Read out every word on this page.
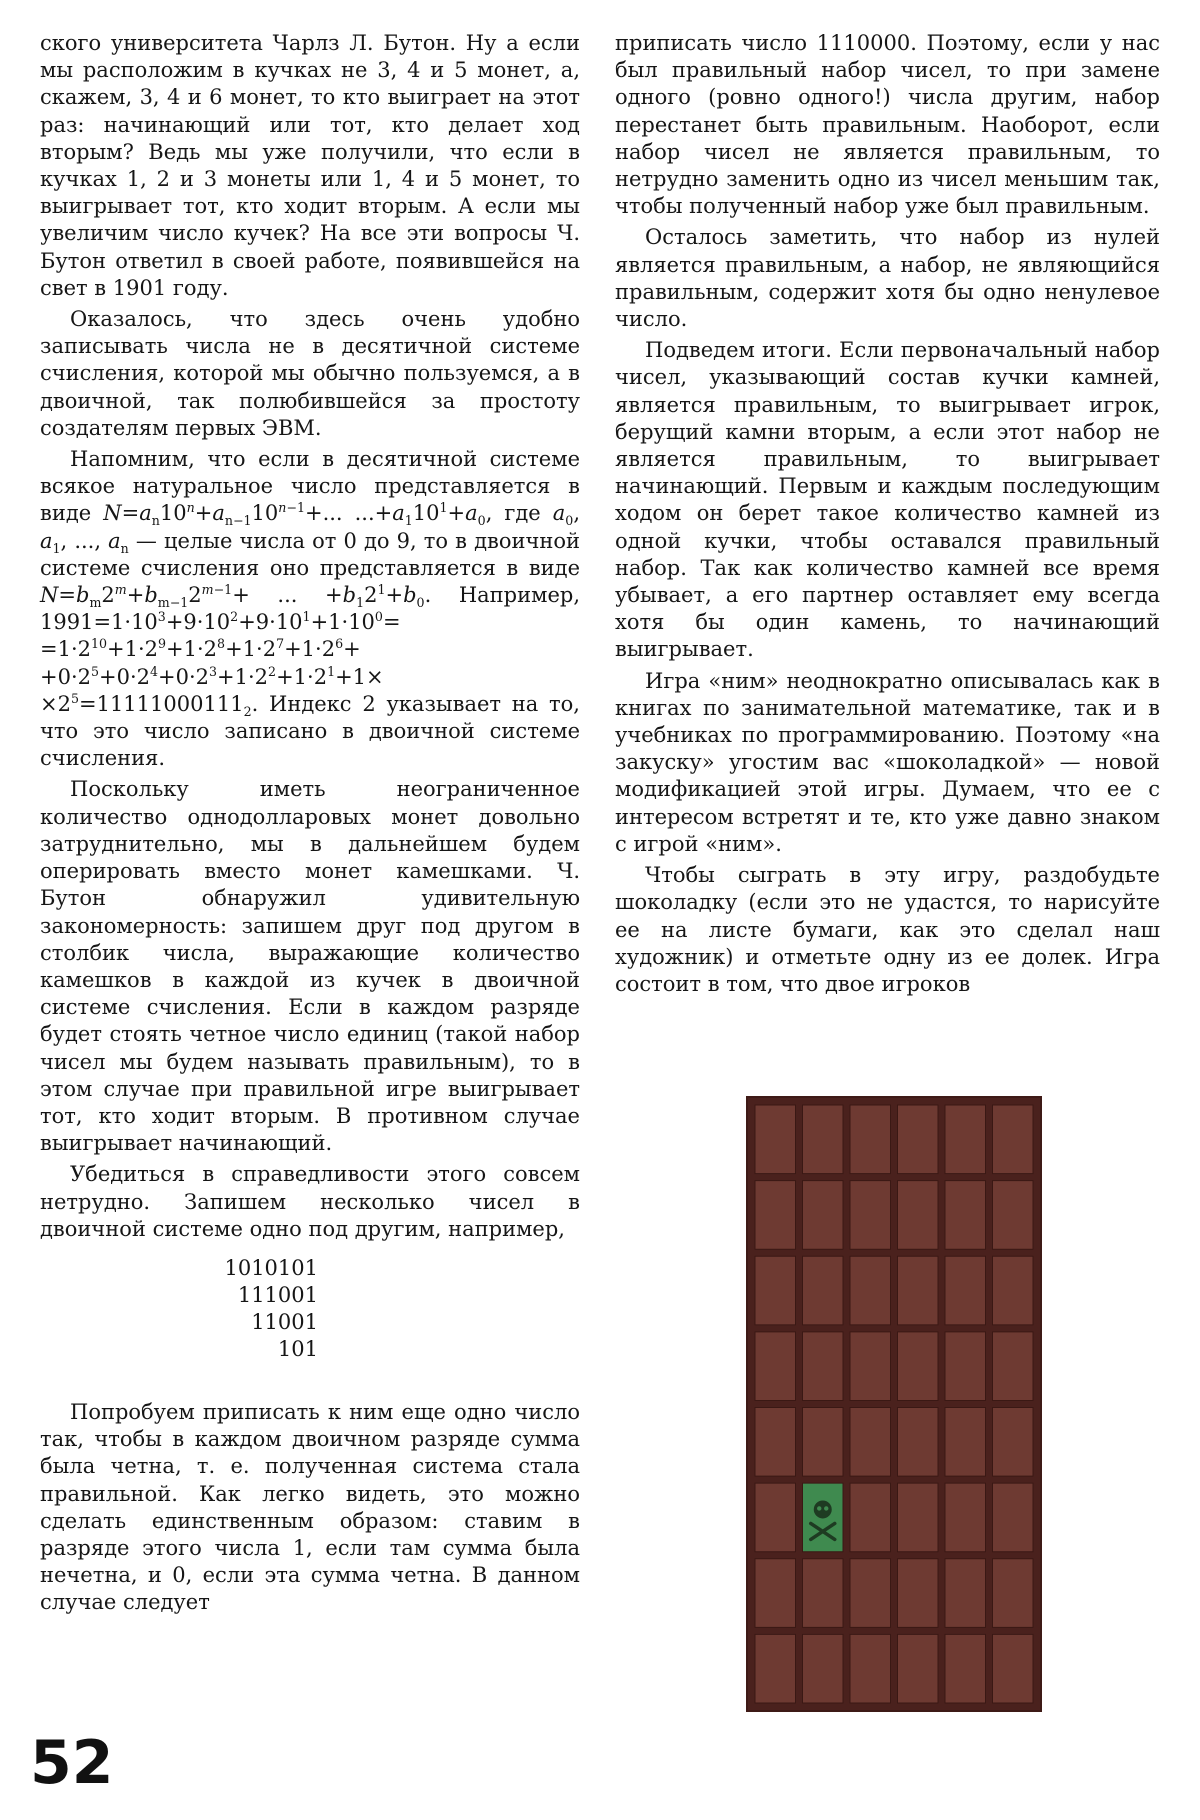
ского университета Чарлз Л. Бутон. Ну а если мы расположим в кучках не 3, 4 и 5 монет, а, скажем, 3, 4 и 6 монет, то кто выиграет на этот раз: начинающий или тот, кто делает ход вторым? Ведь мы уже получили, что если в кучках 1, 2 и 3 монеты или 1, 4 и 5 монет, то выигрывает тот, кто ходит вторым. А если мы увеличим число кучек? На все эти вопросы Ч. Бутон ответил в своей работе, появившейся на свет в 1901 году.

Оказалось, что здесь очень удобно записывать числа не в десятичной системе счисления, которой мы обычно пользуемся, а в двоичной, так полюбившейся за простоту создателям первых ЭВМ.

Напомним, что если в десятичной системе всякое натуральное число представляется в виде $N=a_n10^n+a_{n-1}10^{n-1}+$... $...+a_110^1+a_0$, где $a_0$, $a_1$, ..., $a_n$ — целые числа от 0 до 9, то в двоичной системе счисления оно представляется в виде $N=b_m2^m+b_{m-1}2^{m-1}+$ ... $+b_12^1+b_0$. Например, $1991=1\cdot 10^3+9\cdot 10^2+9\cdot 10^1+1\cdot 10^0= =1\cdot 2^{10}+1\cdot 2^9+1\cdot 2^8+1\cdot 2^7+1\cdot 2^6+ +0\cdot 2^5+0\cdot 2^4+0\cdot 2^3+1\cdot 2^2+1\cdot 2^1+1\times \times 2^5=11111000111_2$. Индекс 2 указывает на то, что это число записано в двоичной системе счисления.

Поскольку иметь неограниченное количество однодолларовых монет довольно затруднительно, мы в дальнейшем будем оперировать вместо монет камешками. Ч. Бутон обнаружил удивительную закономерность: запишем друг под другом в столбик числа, выражающие количество камешков в каждой из кучек в двоичной системе счисления. Если в каждом разряде будет стоять четное число единиц (такой набор чисел мы будем называть правильным), то в этом случае при правильной игре выигрывает тот, кто ходит вторым. В противном случае выигрывает начинающий.

Убедиться в справедливости этого совсем нетрудно. Запишем несколько чисел в двоичной системе одно под другим, например,

1010101
111001
11001
101

Попробуем приписать к ним еще одно число так, чтобы в каждом двоичном разряде сумма была четна, т. е. полученная система стала правильной. Как легко видеть, это можно сделать единственным образом: ставим в разряде этого числа 1, если там сумма была нечетна, и 0, если эта сумма четна. В данном случае следует

приписать число 1110000. Поэтому, если у нас был правильный набор чисел, то при замене одного (ровно одного!) числа другим, набор перестанет быть правильным. Наоборот, если набор чисел не является правильным, то нетрудно заменить одно из чисел меньшим так, чтобы полученный набор уже был правильным.

Осталось заметить, что набор из нулей является правильным, а набор, не являющийся правильным, содержит хотя бы одно ненулевое число.

Подведем итоги. Если первоначальный набор чисел, указывающий состав кучки камней, является правильным, то выигрывает игрок, берущий камни вторым, а если этот набор не является правильным, то выигрывает начинающий. Первым и каждым последующим ходом он берет такое количество камней из одной кучки, чтобы оставался правильный набор. Так как количество камней все время убывает, а его партнер оставляет ему всегда хотя бы один камень, то начинающий выигрывает.

Игра «ним» неоднократно описывалась как в книгах по занимательной математике, так и в учебниках по программированию. Поэтому «на закуску» угостим вас «шоколадкой» — новой модификацией этой игры. Думаем, что ее с интересом встретят и те, кто уже давно знаком с игрой «ним».

Чтобы сыграть в эту игру, раздобудьте шоколадку (если это не удастся, то нарисуйте ее на листе бумаги, как это сделал наш художник) и отметьте одну из ее долек. Игра состоит в том, что двое игроков

52
